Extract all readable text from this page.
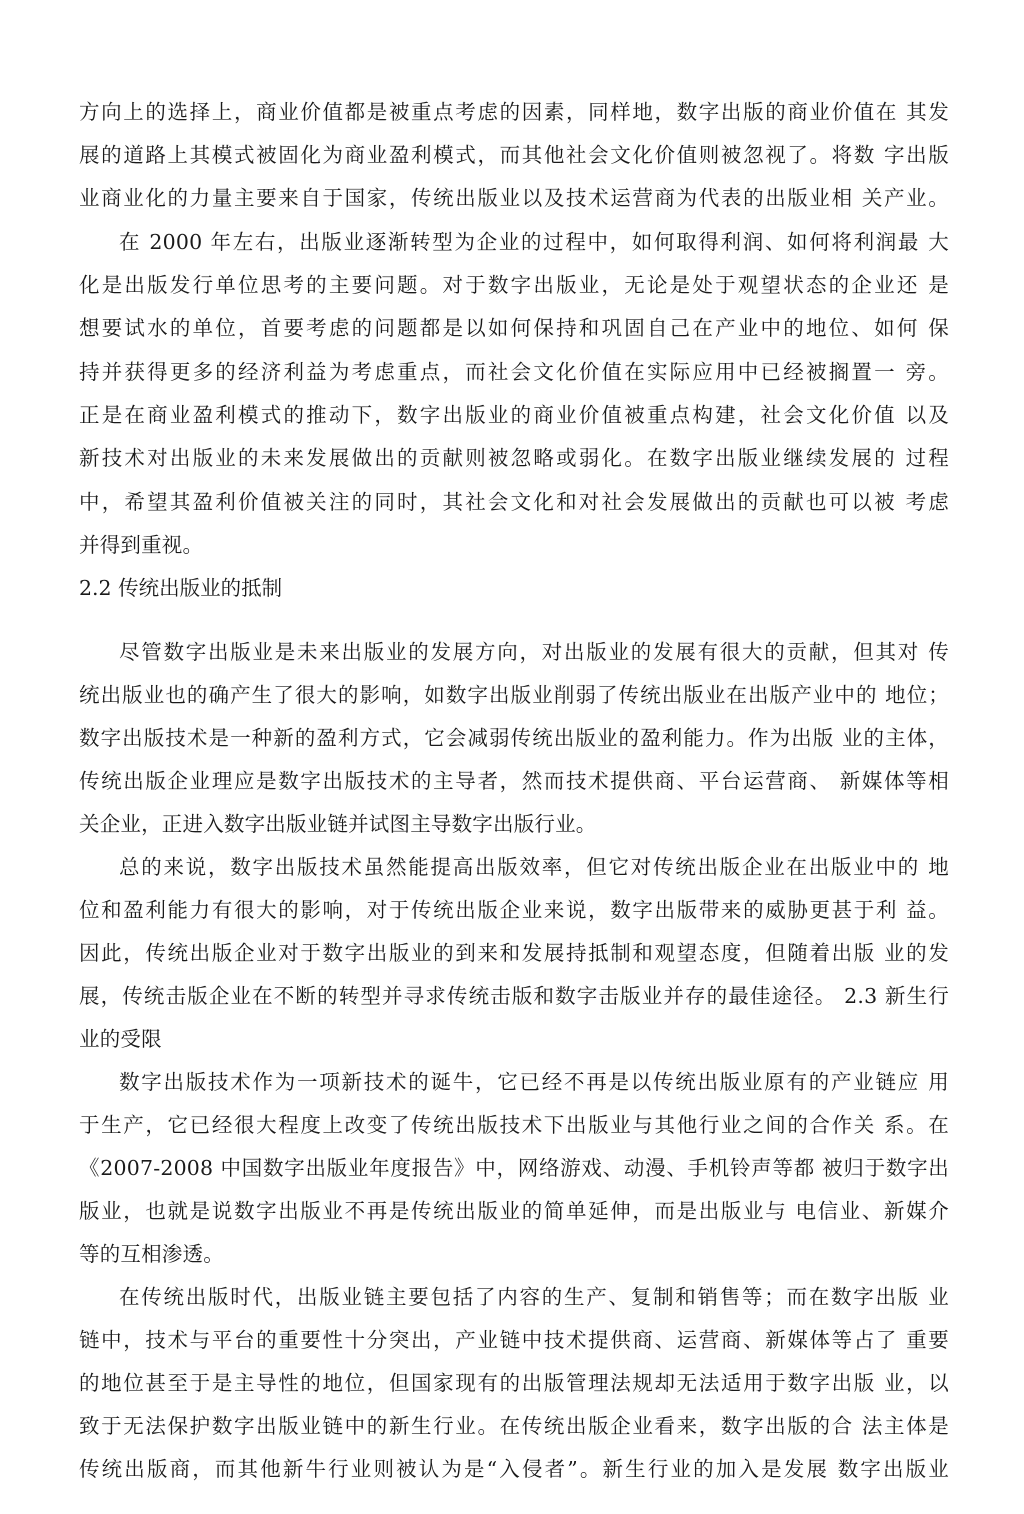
方向上的选择上，商业价值都是被重点考虑的因素，同样地，数字出版的商业价值在 其发
展的道路上其模式被固化为商业盈利模式，而其他社会文化价值则被忽视了。将数 字出版
业商业化的力量主要来自于国家，传统出版业以及技术运营商为代表的出版业相 关产业。
在 2000 年左右，出版业逐渐转型为企业的过程中，如何取得利润、如何将利润最 大
化是出版发行单位思考的主要问题。对于数字出版业，无论是处于观望状态的企业还 是
想要试水的单位，首要考虑的问题都是以如何保持和巩固自己在产业中的地位、如何 保
持并获得更多的经济利益为考虑重点，而社会文化价值在实际应用中已经被搁置一 旁。
正是在商业盈利模式的推动下，数字出版业的商业价值被重点构建，社会文化价值 以及
新技术对出版业的未来发展做出的贡献则被忽略或弱化。在数字出版业继续发展的 过程
中，希望其盈利价值被关注的同时，其社会文化和对社会发展做出的贡献也可以被 考虑
并得到重视。
2.2 传统出版业的抵制
尽管数字出版业是未来出版业的发展方向，对出版业的发展有很大的贡献，但其对 传
统出版业也的确产生了很大的影响，如数字出版业削弱了传统出版业在出版产业中的 地位；
数字出版技术是一种新的盈利方式，它会减弱传统出版业的盈利能力。作为出版 业的主体，
传统出版企业理应是数字出版技术的主导者，然而技术提供商、平台运营商、 新媒体等相
关企业，正进入数字出版业链并试图主导数字出版行业。
总的来说，数字出版技术虽然能提高出版效率，但它对传统出版企业在出版业中的 地
位和盈利能力有很大的影响，对于传统出版企业来说，数字出版带来的威胁更甚于利 益。
因此，传统出版企业对于数字出版业的到来和发展持抵制和观望态度，但随着出版 业的发
展，传统击版企业在不断的转型并寻求传统击版和数字击版业并存的最佳途径。 2.3 新生行
业的受限
数字出版技术作为一项新技术的诞牛，它已经不再是以传统出版业原有的产业链应 用
于生产，它已经很大程度上改变了传统出版技术下出版业与其他行业之间的合作关 系。在
《2007-2008 中国数字出版业年度报告》中，网络游戏、动漫、手机铃声等都 被归于数字出
版业，也就是说数字出版业不再是传统出版业的简单延伸，而是出版业与 电信业、新媒介
等的互相渗透。
在传统出版时代，出版业链主要包括了内容的生产、复制和销售等；而在数字出版 业
链中，技术与平台的重要性十分突出，产业链中技术提供商、运营商、新媒体等占了 重要
的地位甚至于是主导性的地位，但国家现有的出版管理法规却无法适用于数字出版 业，以
致于无法保护数字出版业链中的新生行业。在传统出版企业看来，数字出版的合 法主体是
传统出版商，而其他新牛行业则被认为是“入侵者”。新生行业的加入是发展 数字出版业
